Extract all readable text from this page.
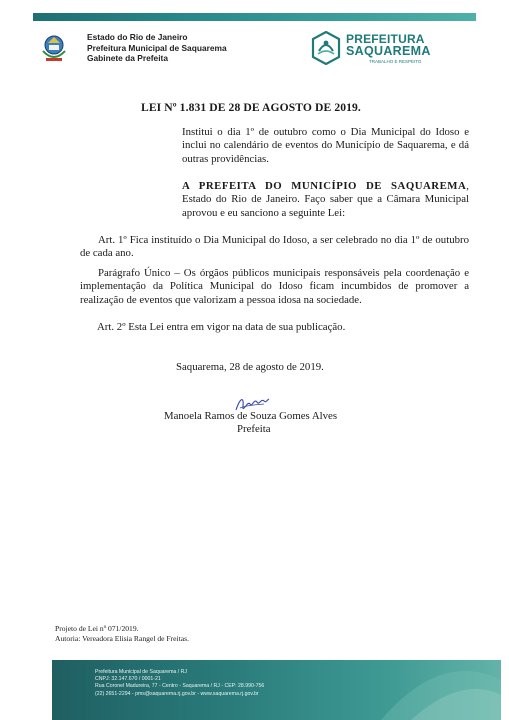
Estado do Rio de Janeiro
Prefeitura Municipal de Saquarema
Gabinete da Prefeita
PREFEITURA
SAQUAREMA
TRABALHO E RESPEITO
LEI Nº 1.831 DE 28 DE AGOSTO DE 2019.
Institui o dia 1º de outubro como o Dia Municipal do Idoso e inclui no calendário de eventos do Município de Saquarema, e dá outras providências.
A PREFEITA DO MUNICÍPIO DE SAQUAREMA, Estado do Rio de Janeiro. Faço saber que a Câmara Municipal aprovou e eu sanciono a seguinte Lei:
Art. 1º Fica instituído o Dia Municipal do Idoso, a ser celebrado no dia 1º de outubro de cada ano.
Parágrafo Único – Os órgãos públicos municipais responsáveis pela coordenação e implementação da Política Municipal do Idoso ficam incumbidos de promover a realização de eventos que valorizam a pessoa idosa na sociedade.
Art. 2º Esta Lei entra em vigor na data de sua publicação.
Saquarema, 28 de agosto de 2019.
Manoela Ramos de Souza Gomes Alves
Prefeita
Projeto de Lei nº 071/2019.
Autoria: Vereadora Elisia Rangel de Freitas.
Prefeitura Municipal de Saquarema / RJ
CNPJ: 32.147.670 / 0001-21
Rua Coronel Madureira, 77 - Centro - Saquarema / RJ - CEP: 28.990-756
(22) 2651-2294 - pms@saquarema.rj.gov.br - www.saquarema.rj.gov.br
